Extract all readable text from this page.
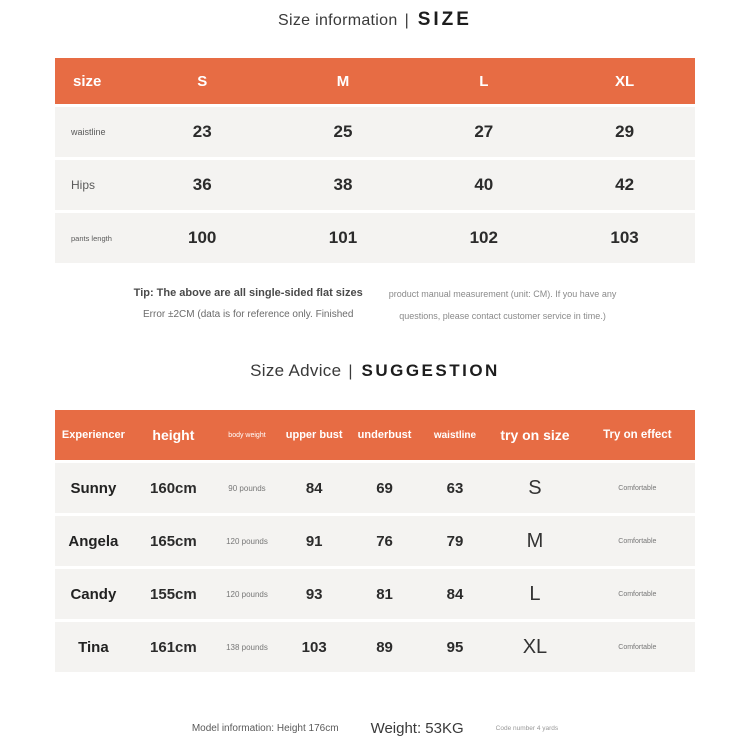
Size information | SIZE
size	S	M	L	XL
waistline	23	25	27	29
Hips	36	38	40	42
pants length	100	101	102	103
Tip: The above are all single-sided flat sizes
Error ±2CM (data is for reference only. Finished
product manual measurement (unit: CM). If you have any
questions, please contact customer service in time.)
Size Advice | SUGGESTION
Experiencer	height	body weight	upper bust	underbust	waistline	try on size	Try on effect
Sunny	160cm	90 pounds	84	69	63	S	Comfortable
Angela	165cm	120 pounds	91	76	79	M	Comfortable
Candy	155cm	120 pounds	93	81	84	L	Comfortable
Tina	161cm	138 pounds	103	89	95	XL	Comfortable
Model information: Height 176cm Weight: 53KG	Code number 4 yards
